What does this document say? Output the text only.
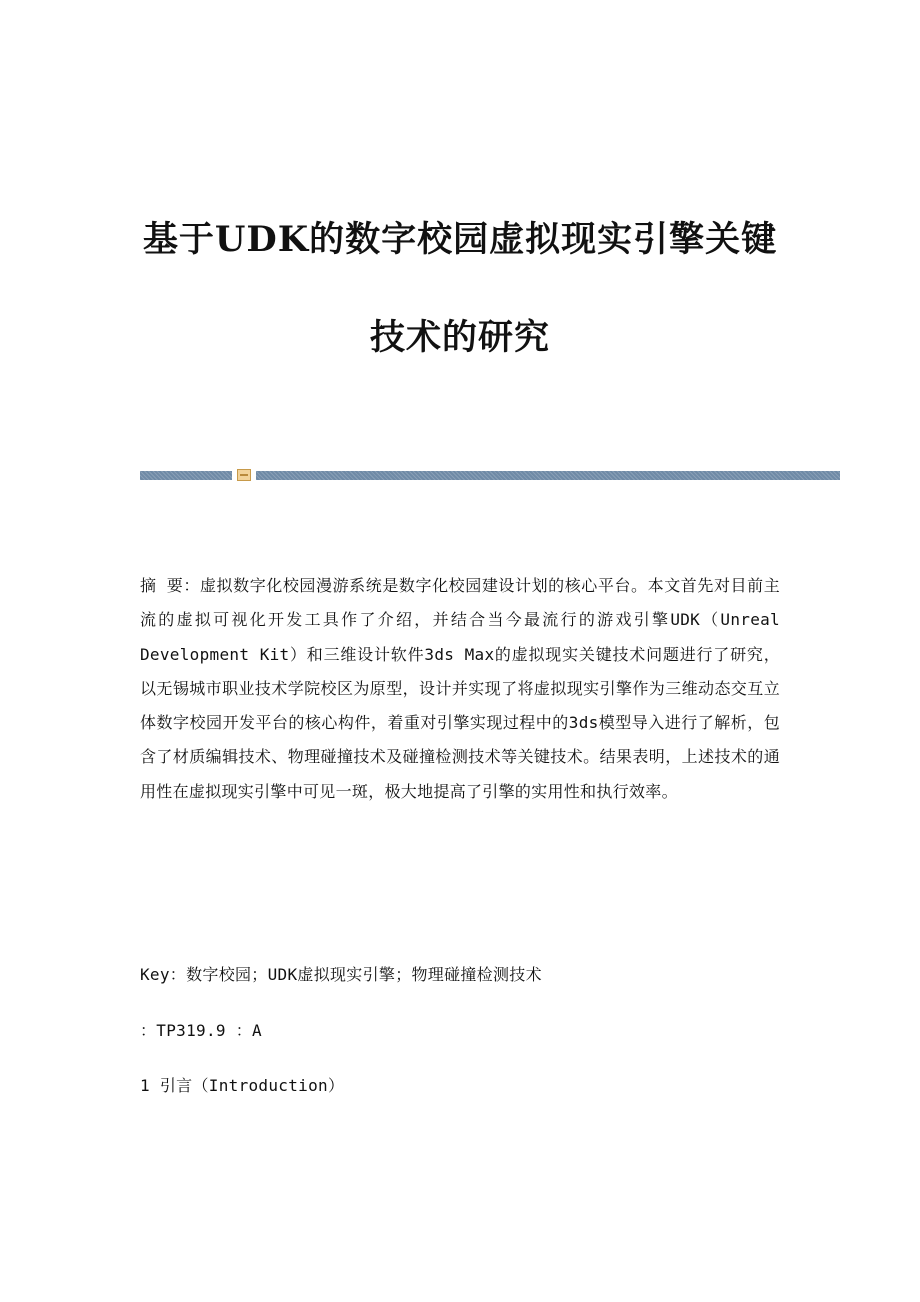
基于UDK的数字校园虚拟现实引擎关键
技术的研究

摘 要：虚拟数字化校园漫游系统是数字化校园建设计划的核心平台。本文首先对目前主流的虚拟可视化开发工具作了介绍，并结合当今最流行的游戏引擎UDK（Unreal Development Kit）和三维设计软件3ds Max的虚拟现实关键技术问题进行了研究，以无锡城市职业技术学院校区为原型，设计并实现了将虚拟现实引擎作为三维动态交互立体数字校园开发平台的核心构件，着重对引擎实现过程中的3ds模型导入进行了解析，包含了材质编辑技术、物理碰撞技术及碰撞检测技术等关键技术。结果表明，上述技术的通用性在虚拟现实引擎中可见一斑，极大地提高了引擎的实用性和执行效率。

Key：数字校园；UDK虚拟现实引擎；物理碰撞检测技术

：TP319.9 ：A

1 引言（Introduction）
